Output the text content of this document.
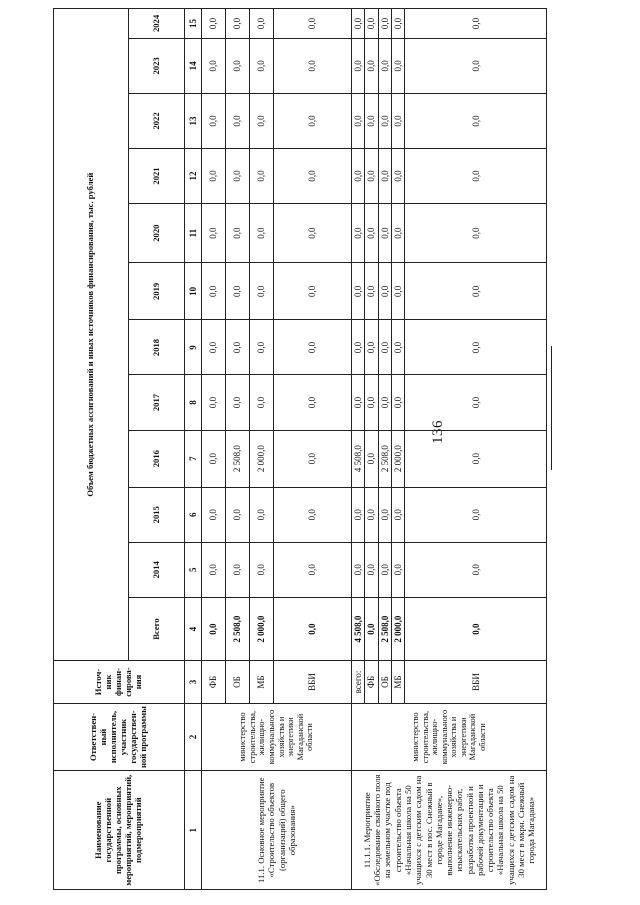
136
Наименование государственной программы, основных мероприятий, мероприятий, подмероприятий	Ответствен-ный исполнитель, участник государствен-ной программы	Источ-ник финан-сирова-ния	Объем бюджетных ассигнований и иных источников финансирования, тыс. рублей											
			Всего	2014	2015	2016	2017	2018	2019	2020	2021	2022	2023	2024
1	2	3	4	5	6	7	8	9	10	11	12	13	14	15
11.1. Основное мероприятие «Строительство объектов (организаций) общего образования»	министерство строительства, жилищно-коммунального хозяйства и энергетики Магаданской области	ФБ	0,0	0,0	0,0	0,0	0,0	0,0	0,0	0,0	0,0	0,0	0,0	0,0
		ОБ	2 508,0	0,0	0,0	2 508,0	0,0	0,0	0,0	0,0	0,0	0,0	0,0	0,0
		МБ	2 000,0	0,0	0,0	2 000,0	0,0	0,0	0,0	0,0	0,0	0,0	0,0	0,0
		ВБИ	0,0	0,0	0,0	0,0	0,0	0,0	0,0	0,0	0,0	0,0	0,0	0,0
11.1.1. Мероприятие «Обследование свайного поля на земельном участке под строительство объекта «Начальная школа на 50 учащихся с детским садом на 30 мест в пос. Снежный в городе Магадане», выполнение инженерно-изыскательских работ, разработка проектной и рабочей документации и строительство объекта «Начальная школа на 50 учащихся с детским садом на 30 мест в мкрн. Снежный города Магадана»	министерство строительства, жилищно-коммунального хозяйства и энергетики Магаданской области	всего:	4 508,0	0,0	0,0	4 508,0	0,0	0,0	0,0	0,0	0,0	0,0	0,0	0,0
		ФБ	0,0	0,0	0,0	0,0	0,0	0,0	0,0	0,0	0,0	0,0	0,0	0,0
		ОБ	2 508,0	0,0	0,0	2 508,0	0,0	0,0	0,0	0,0	0,0	0,0	0,0	0,0
		МБ	2 000,0	0,0	0,0	2 000,0	0,0	0,0	0,0	0,0	0,0	0,0	0,0	0,0
		ВБИ	0,0	0,0	0,0	0,0	0,0	0,0	0,0	0,0	0,0	0,0	0,0	0,0
